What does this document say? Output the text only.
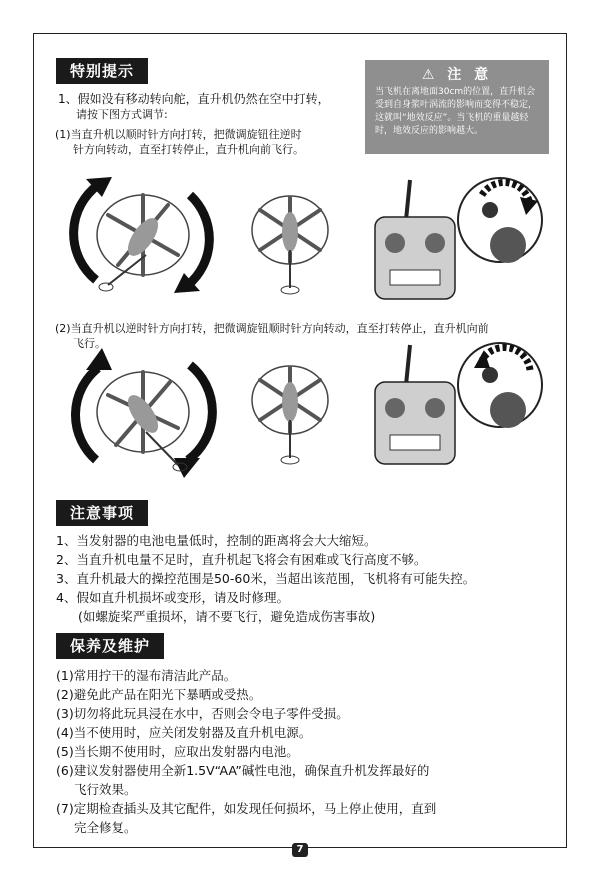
特别提示
1、假如没有移动转向舵，直升机仍然在空中打转，
请按下图方式调节:
(1)当直升机以顺时针方向打转，把微调旋钮往逆时
针方向转动，直至打转停止，直升机向前飞行。
⚠ 注 意
当飞机在离地面30cm的位置，直升机会受到自身浆叶涡流的影响而变得不稳定，这就叫“地效反应”。当飞机的重量越轻时，地效反应的影响越大。
(2)当直升机以逆时针方向打转，把微调旋钮顺时针方向转动，直至打转停止，直升机向前
飞行。
注意事项
1、当发射器的电池电量低时，控制的距离将会大大缩短。
2、当直升机电量不足时，直升机起飞将会有困难或飞行高度不够。
3、直升机最大的操控范围是50-60米，当超出该范围，飞机将有可能失控。
4、假如直升机损坏或变形，请及时修理。
(如螺旋桨严重损坏，请不要飞行，避免造成伤害事故)
保养及维护
(1)常用拧干的湿布清洁此产品。
(2)避免此产品在阳光下暴晒或受热。
(3)切勿将此玩具浸在水中，否则会令电子零件受损。
(4)当不使用时，应关闭发射器及直升机电源。
(5)当长期不使用时，应取出发射器内电池。
(6)建议发射器使用全新1.5V“AA”碱性电池，确保直升机发挥最好的
飞行效果。
(7)定期检查插头及其它配件，如发现任何损坏，马上停止使用，直到
完全修复。
7
